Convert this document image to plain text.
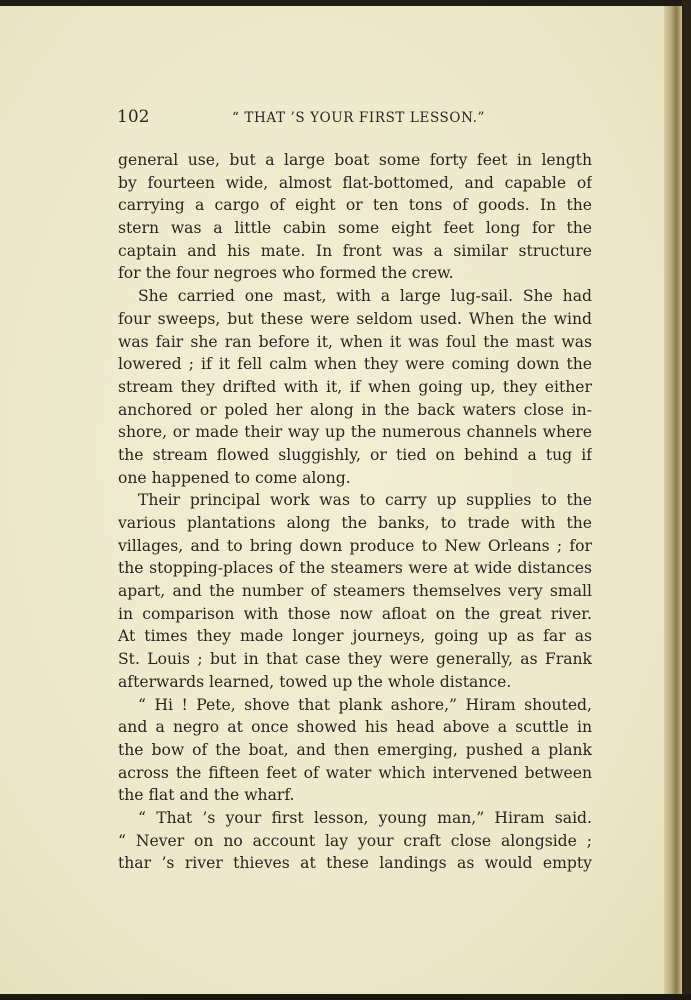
102	“ THAT ’S YOUR FIRST LESSON.”
general use, but a large boat some forty feet in length
by fourteen wide, almost flat-bottomed, and capable of
carrying a cargo of eight or ten tons of goods. In the
stern was a little cabin some eight feet long for the
captain and his mate. In front was a similar structure
for the four negroes who formed the crew.
She carried one mast, with a large lug-sail. She had
four sweeps, but these were seldom used. When the wind
was fair she ran before it, when it was foul the mast was
lowered ; if it fell calm when they were coming down the
stream they drifted with it, if when going up, they either
anchored or poled her along in the back waters close in-
shore, or made their way up the numerous channels where
the stream flowed sluggishly, or tied on behind a tug if
one happened to come along.
Their principal work was to carry up supplies to the
various plantations along the banks, to trade with the
villages, and to bring down produce to New Orleans ; for
the stopping-places of the steamers were at wide distances
apart, and the number of steamers themselves very small
in comparison with those now afloat on the great river.
At times they made longer journeys, going up as far as
St. Louis ; but in that case they were generally, as Frank
afterwards learned, towed up the whole distance.
“ Hi ! Pete, shove that plank ashore,” Hiram shouted,
and a negro at once showed his head above a scuttle in
the bow of the boat, and then emerging, pushed a plank
across the fifteen feet of water which intervened between
the flat and the wharf.
“ That ’s your first lesson, young man,” Hiram said.
“ Never on no account lay your craft close alongside ;
thar ’s river thieves at these landings as would empty
